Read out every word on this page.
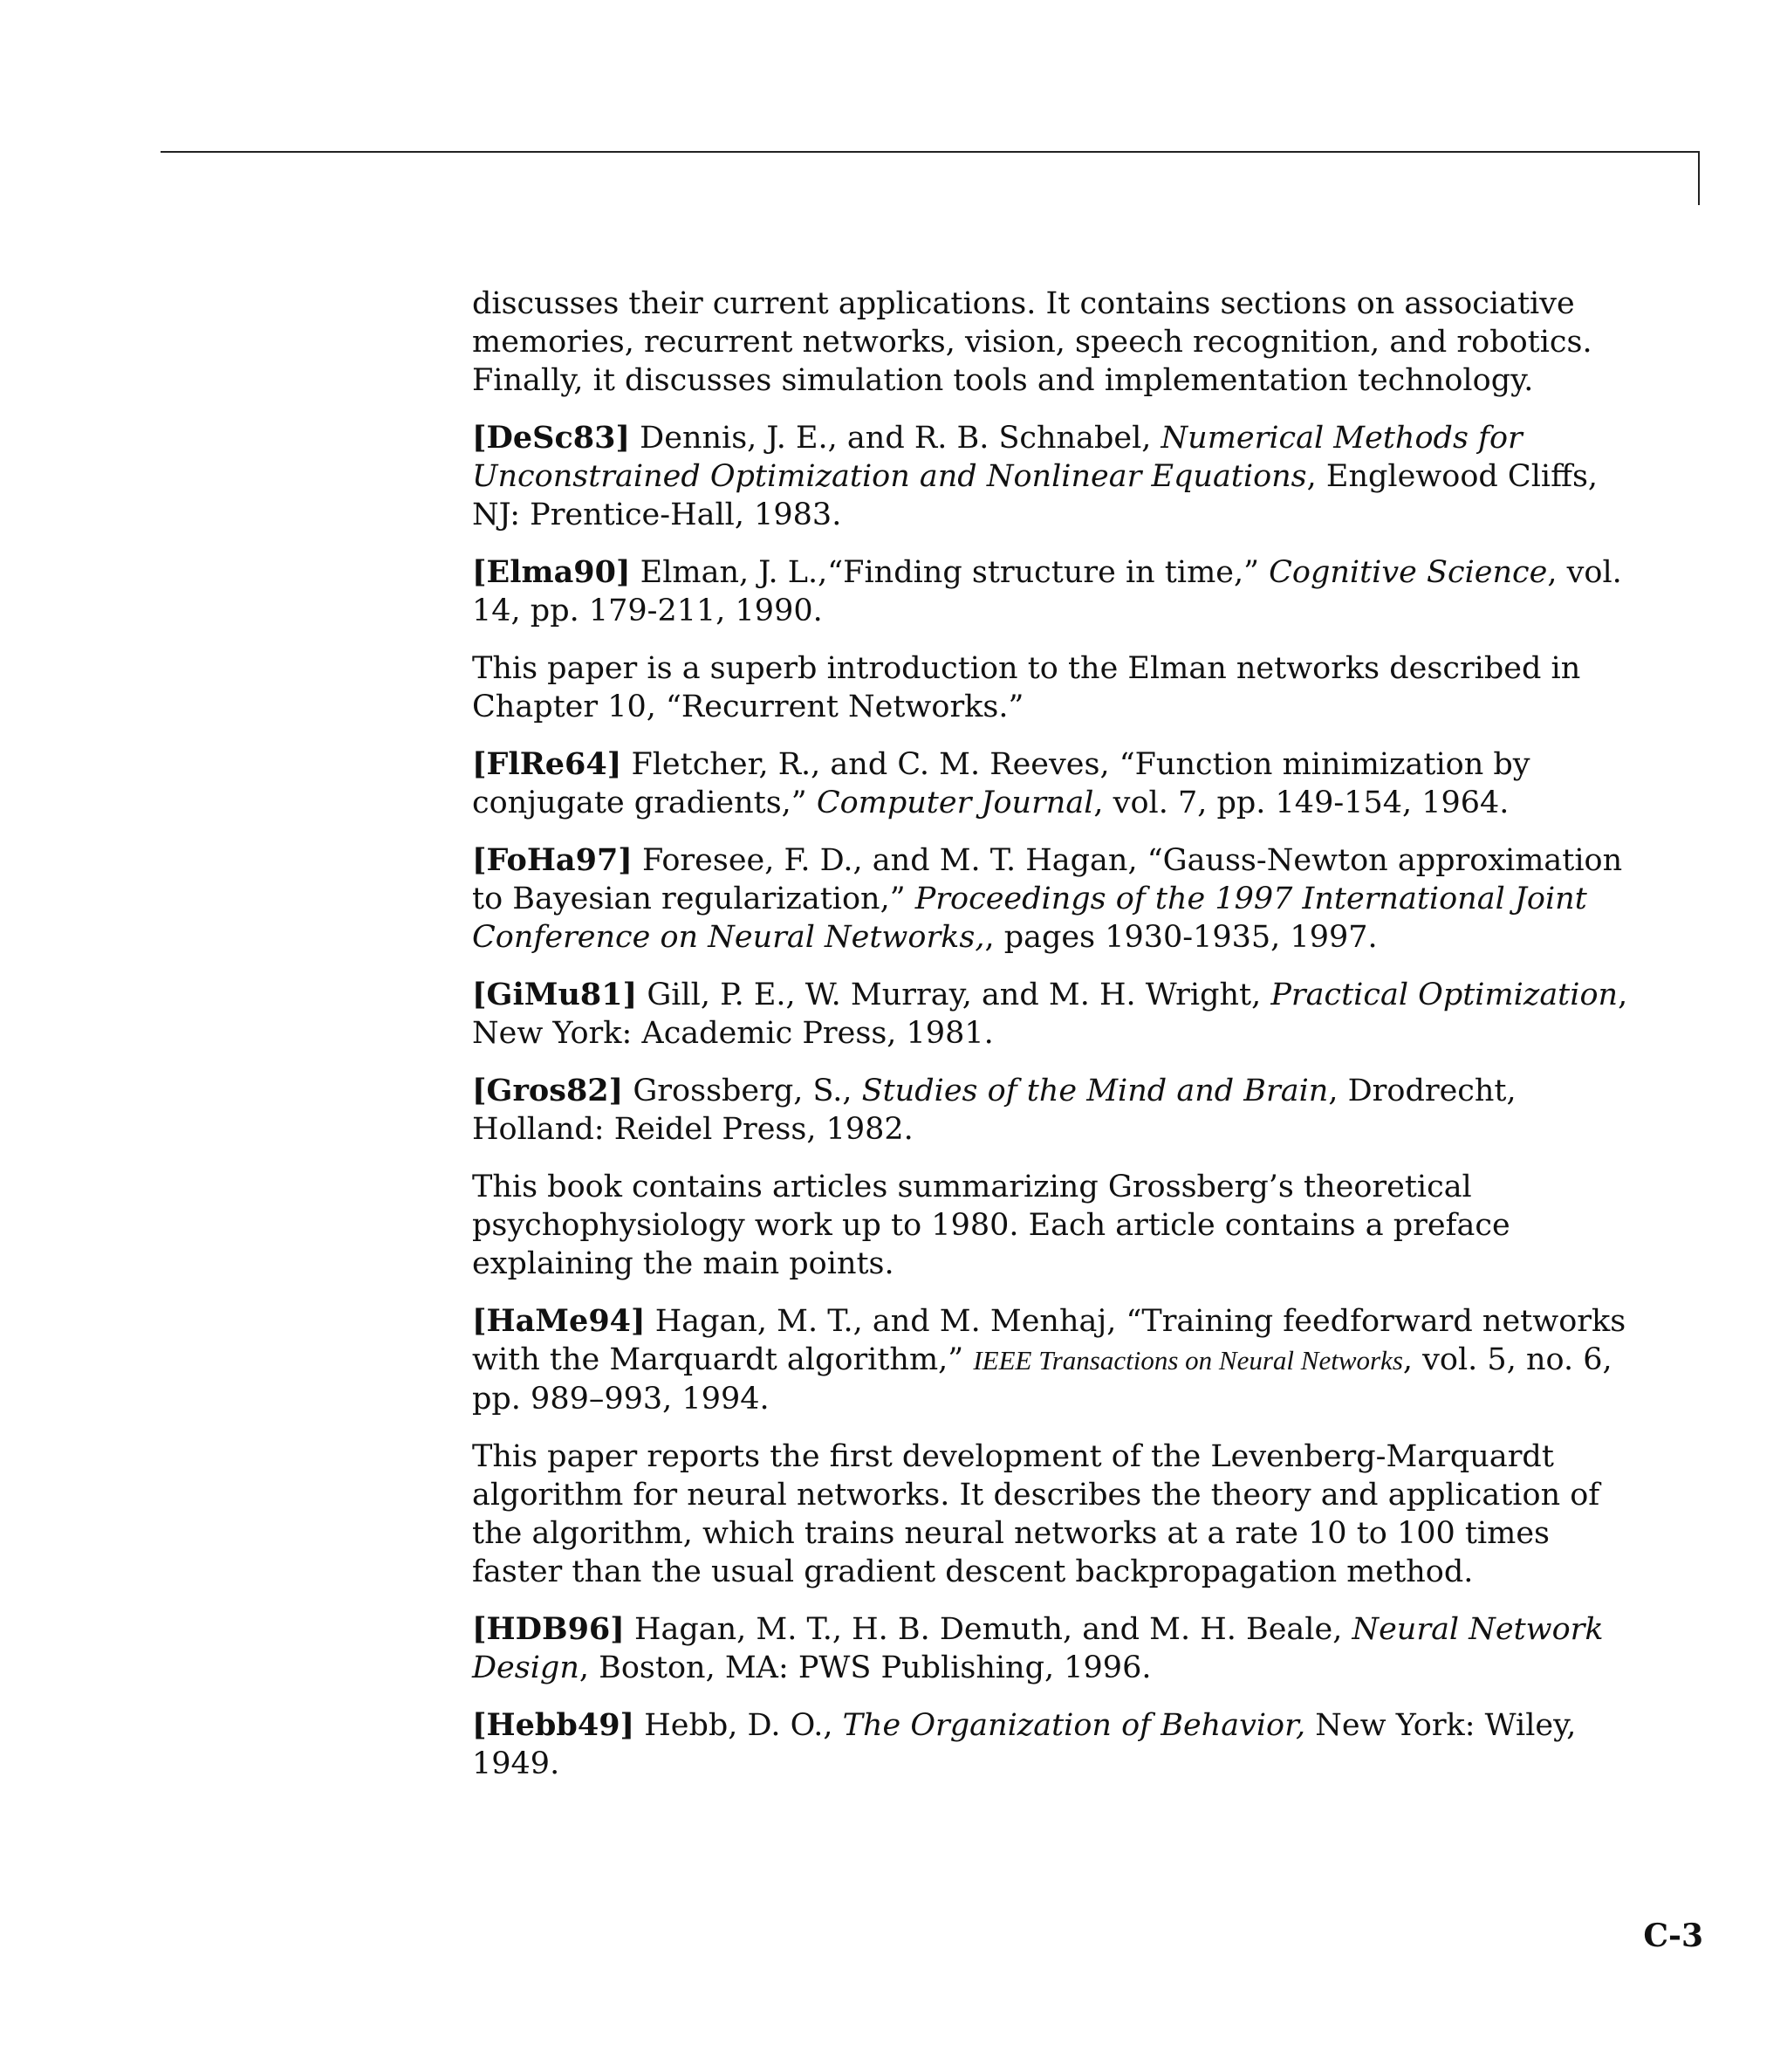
discusses their current applications. It contains sections on associative memories, recurrent networks, vision, speech recognition, and robotics. Finally, it discusses simulation tools and implementation technology.

[DeSc83] Dennis, J. E., and R. B. Schnabel, Numerical Methods for Unconstrained Optimization and Nonlinear Equations, Englewood Cliffs, NJ: Prentice-Hall, 1983.

[Elma90] Elman, J. L.,“Finding structure in time,” Cognitive Science, vol. 14, pp. 179-211, 1990.

This paper is a superb introduction to the Elman networks described in Chapter 10, “Recurrent Networks.”

[FlRe64] Fletcher, R., and C. M. Reeves, “Function minimization by conjugate gradients,” Computer Journal, vol. 7, pp. 149-154, 1964.

[FoHa97] Foresee, F. D., and M. T. Hagan, “Gauss-Newton approximation to Bayesian regularization,” Proceedings of the 1997 International Joint Conference on Neural Networks,, pages 1930-1935, 1997.

[GiMu81] Gill, P. E., W. Murray, and M. H. Wright, Practical Optimization, New York: Academic Press, 1981.

[Gros82] Grossberg, S., Studies of the Mind and Brain, Drodrecht, Holland: Reidel Press, 1982.

This book contains articles summarizing Grossberg’s theoretical psychophysiology work up to 1980. Each article contains a preface explaining the main points.

[HaMe94] Hagan, M. T., and M. Menhaj, “Training feedforward networks with the Marquardt algorithm,” IEEE Transactions on Neural Networks, vol. 5, no. 6, pp. 989–993, 1994.

This paper reports the first development of the Levenberg-Marquardt algorithm for neural networks. It describes the theory and application of the algorithm, which trains neural networks at a rate 10 to 100 times faster than the usual gradient descent backpropagation method.

[HDB96] Hagan, M. T., H. B. Demuth, and M. H. Beale, Neural Network Design, Boston, MA: PWS Publishing, 1996.

[Hebb49] Hebb, D. O., The Organization of Behavior, New York: Wiley, 1949.

C-3
